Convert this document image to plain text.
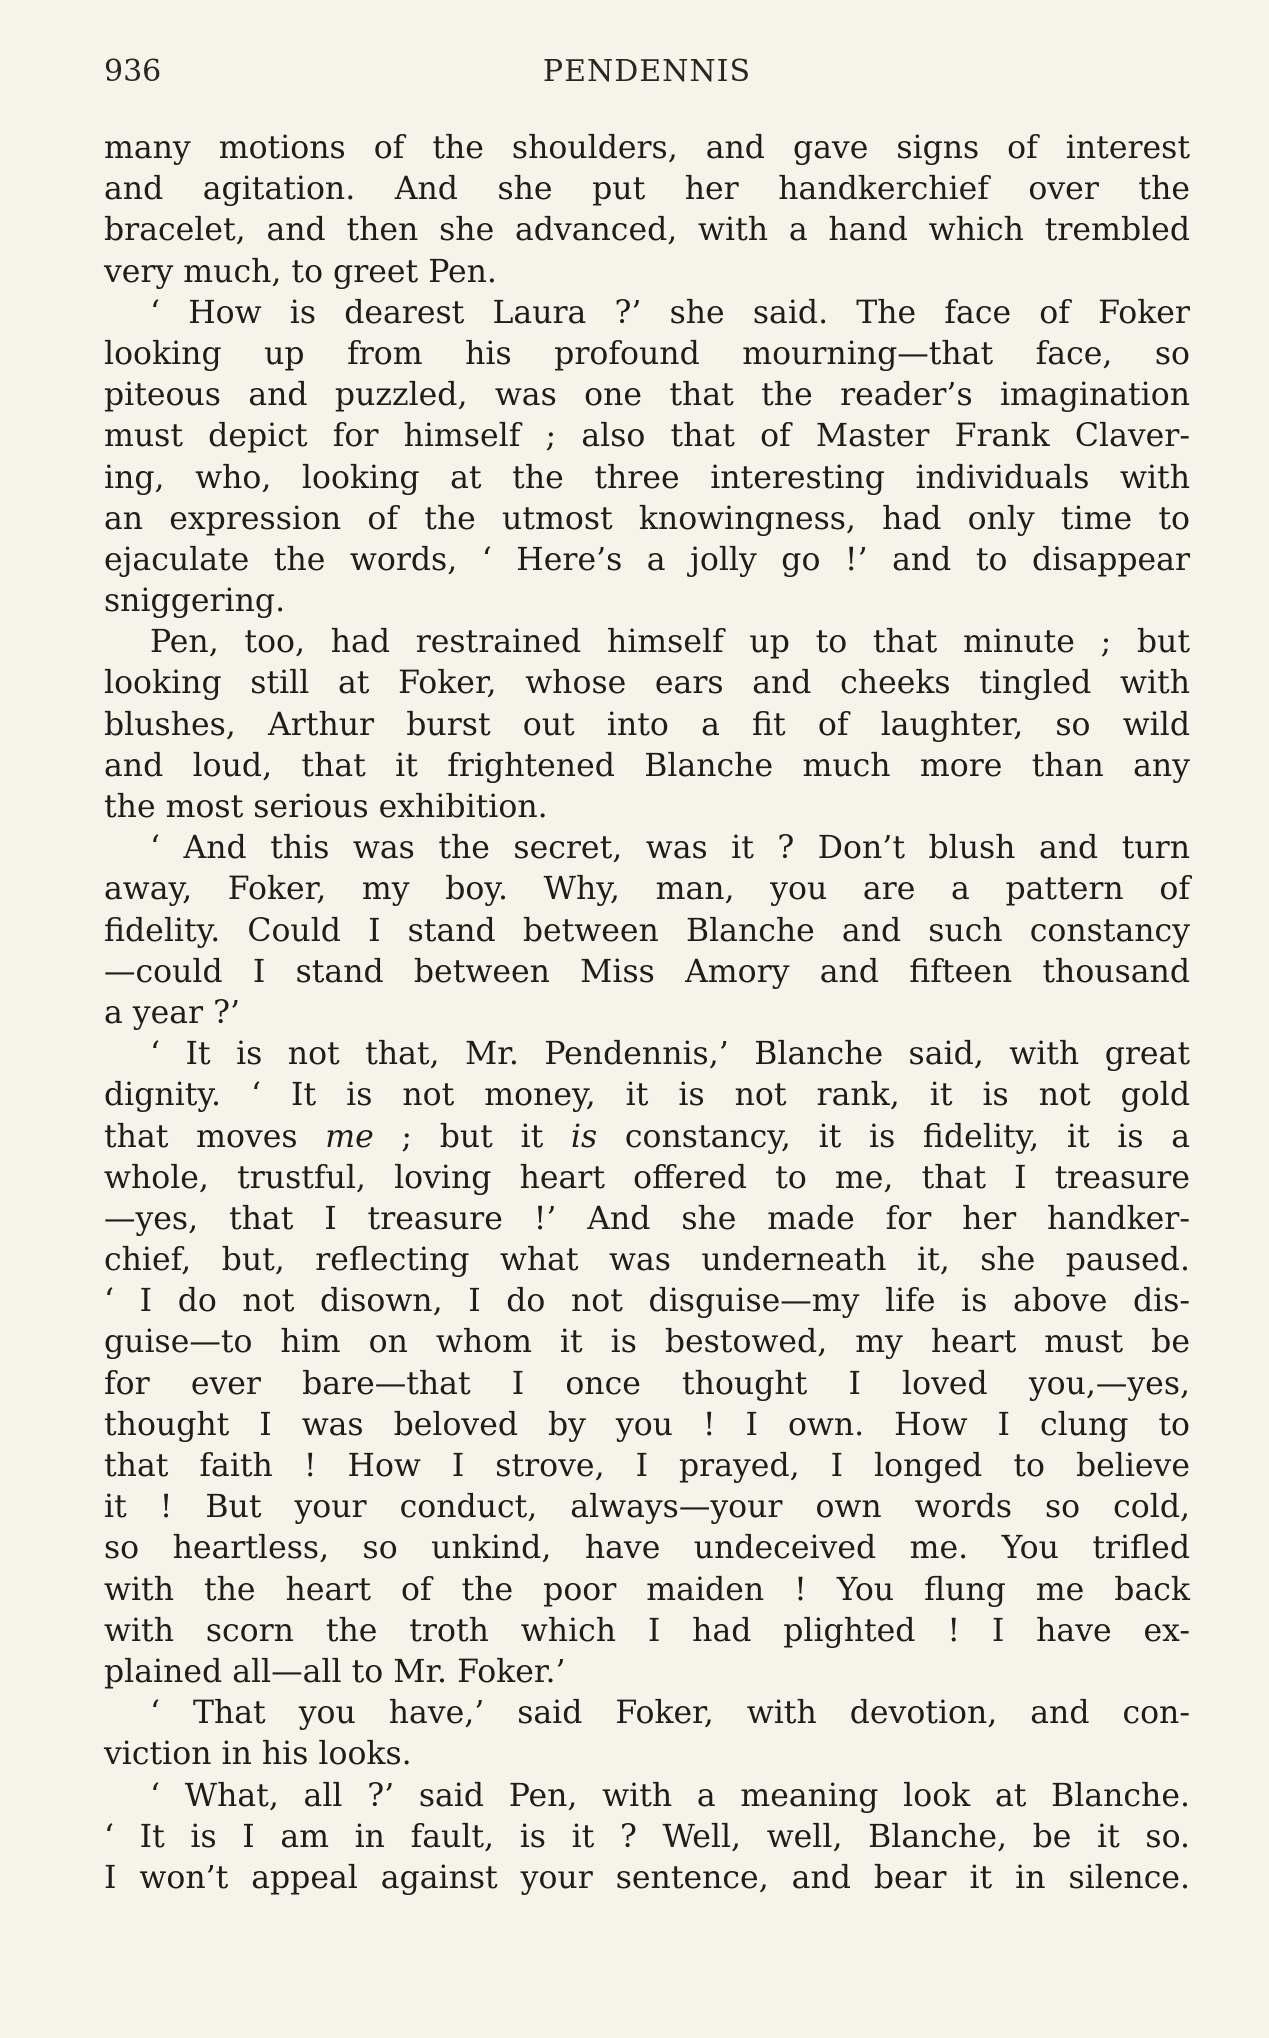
936	PENDENNIS
many motions of the shoulders, and gave signs of interest
and agitation. And she put her handkerchief over the
bracelet, and then she advanced, with a hand which trembled
very much, to greet Pen.
‘ How is dearest Laura ?’ she said. The face of Foker
looking up from his profound mourning—that face, so
piteous and puzzled, was one that the reader’s imagination
must depict for himself ; also that of Master Frank Claver-
ing, who, looking at the three interesting individuals with
an expression of the utmost knowingness, had only time to
ejaculate the words, ‘ Here’s a jolly go !’ and to disappear
sniggering.
Pen, too, had restrained himself up to that minute ; but
looking still at Foker, whose ears and cheeks tingled with
blushes, Arthur burst out into a fit of laughter, so wild
and loud, that it frightened Blanche much more than any
the most serious exhibition.
‘ And this was the secret, was it ? Don’t blush and turn
away, Foker, my boy. Why, man, you are a pattern of
fidelity. Could I stand between Blanche and such constancy
—could I stand between Miss Amory and fifteen thousand
a year ?’
‘ It is not that, Mr. Pendennis,’ Blanche said, with great
dignity. ‘ It is not money, it is not rank, it is not gold
that moves me ; but it is constancy, it is fidelity, it is a
whole, trustful, loving heart offered to me, that I treasure
—yes, that I treasure !’ And she made for her handker-
chief, but, reflecting what was underneath it, she paused.
‘ I do not disown, I do not disguise—my life is above dis-
guise—to him on whom it is bestowed, my heart must be
for ever bare—that I once thought I loved you,—yes,
thought I was beloved by you ! I own. How I clung to
that faith ! How I strove, I prayed, I longed to believe
it ! But your conduct, always—your own words so cold,
so heartless, so unkind, have undeceived me. You trifled
with the heart of the poor maiden ! You flung me back
with scorn the troth which I had plighted ! I have ex-
plained all—all to Mr. Foker.’
‘ That you have,’ said Foker, with devotion, and con-
viction in his looks.
‘ What, all ?’ said Pen, with a meaning look at Blanche.
‘ It is I am in fault, is it ? Well, well, Blanche, be it so.
I won’t appeal against your sentence, and bear it in silence.
